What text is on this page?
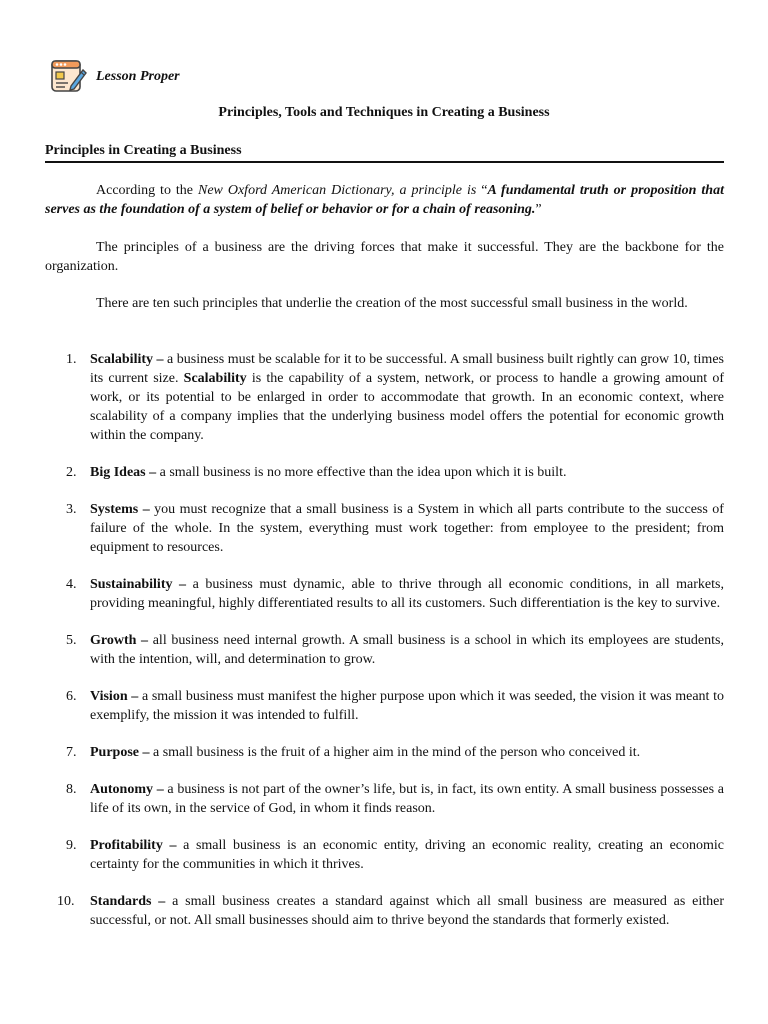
Lesson Proper
Principles, Tools and Techniques in Creating a Business
Principles in Creating a Business

According to the New Oxford American Dictionary, a principle is “A fundamental truth or proposition that serves as the foundation of a system of belief or behavior or for a chain of reasoning.”

The principles of a business are the driving forces that make it successful. They are the backbone for the organization.

There are ten such principles that underlie the creation of the most successful small business in the world.

1. Scalability – a business must be scalable for it to be successful. A small business built rightly can grow 10, times its current size. Scalability is the capability of a system, network, or process to handle a growing amount of work, or its potential to be enlarged in order to accommodate that growth. In an economic context, where scalability of a company implies that the underlying business model offers the potential for economic growth within the company.
2. Big Ideas – a small business is no more effective than the idea upon which it is built.
3. Systems – you must recognize that a small business is a System in which all parts contribute to the success of failure of the whole. In the system, everything must work together: from employee to the president; from equipment to resources.
4. Sustainability – a business must dynamic, able to thrive through all economic conditions, in all markets, providing meaningful, highly differentiated results to all its customers. Such differentiation is the key to survive.
5. Growth – all business need internal growth. A small business is a school in which its employees are students, with the intention, will, and determination to grow.
6. Vision – a small business must manifest the higher purpose upon which it was seeded, the vision it was meant to exemplify, the mission it was intended to fulfill.
7. Purpose – a small business is the fruit of a higher aim in the mind of the person who conceived it.
8. Autonomy – a business is not part of the owner’s life, but is, in fact, its own entity. A small business possesses a life of its own, in the service of God, in whom it finds reason.
9. Profitability – a small business is an economic entity, driving an economic reality, creating an economic certainty for the communities in which it thrives.
10. Standards – a small business creates a standard against which all small business are measured as either successful, or not. All small businesses should aim to thrive beyond the standards that formerly existed.
